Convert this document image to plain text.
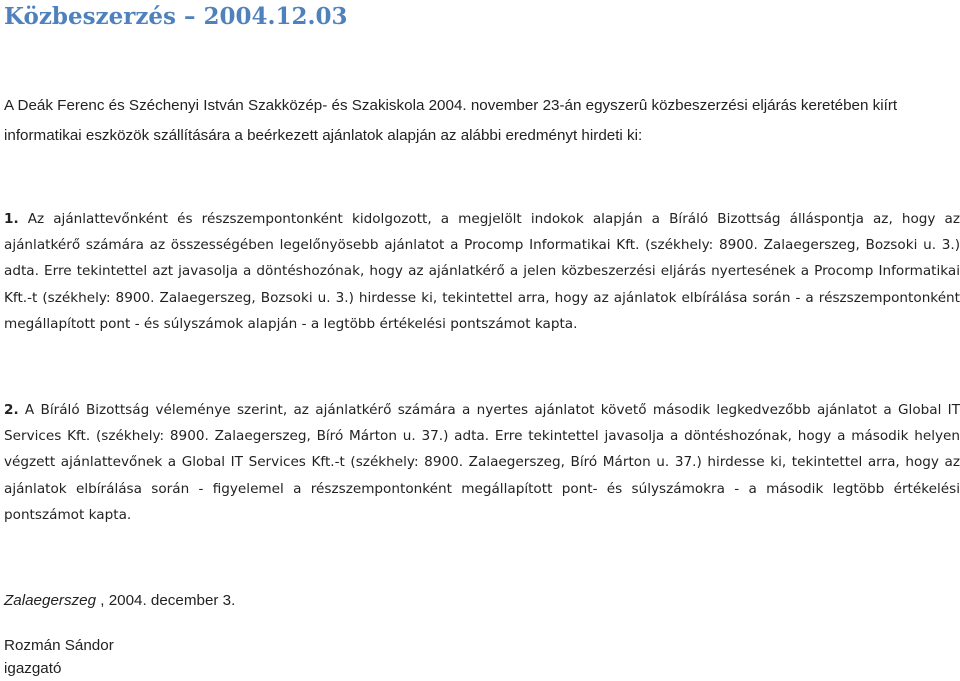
Közbeszerzés – 2004.12.03

A Deák Ferenc és Széchenyi István Szakközép- és Szakiskola 2004. november 23-án egyszerû közbeszerzési eljárás keretében kiírt informatikai eszközök szállítására a beérkezett ajánlatok alapján az alábbi eredményt hirdeti ki:

1. Az ajánlattevőnként és részszempontonként kidolgozott, a megjelölt indokok alapján a Bíráló Bizottság álláspontja az, hogy az ajánlatkérő számára az összességében legelőnyösebb ajánlatot a Procomp Informatikai Kft. (székhely: 8900. Zalaegerszeg, Bozsoki u. 3.) adta. Erre tekintettel azt javasolja a döntéshozónak, hogy az ajánlatkérő a jelen közbeszerzési eljárás nyertesének a Procomp Informatikai Kft.-t (székhely: 8900. Zalaegerszeg, Bozsoki u. 3.) hirdesse ki, tekintettel arra, hogy az ajánlatok elbírálása során - a részszempontonként megállapított pont - és súlyszámok alapján - a legtöbb értékelési pontszámot kapta.

2. A Bíráló Bizottság véleménye szerint, az ajánlatkérő számára a nyertes ajánlatot követő második legkedvezőbb ajánlatot a Global IT Services Kft. (székhely: 8900. Zalaegerszeg, Bíró Márton u. 37.) adta. Erre tekintettel javasolja a döntéshozónak, hogy a második helyen végzett ajánlattevőnek a Global IT Services Kft.-t (székhely: 8900. Zalaegerszeg, Bíró Márton u. 37.) hirdesse ki, tekintettel arra, hogy az ajánlatok elbírálása során - figyelemel a részszempontonként megállapított pont- és súlyszámokra - a második legtöbb értékelési pontszámot kapta.

Zalaegerszeg , 2004. december 3.
Rozmán Sándor
igazgató
